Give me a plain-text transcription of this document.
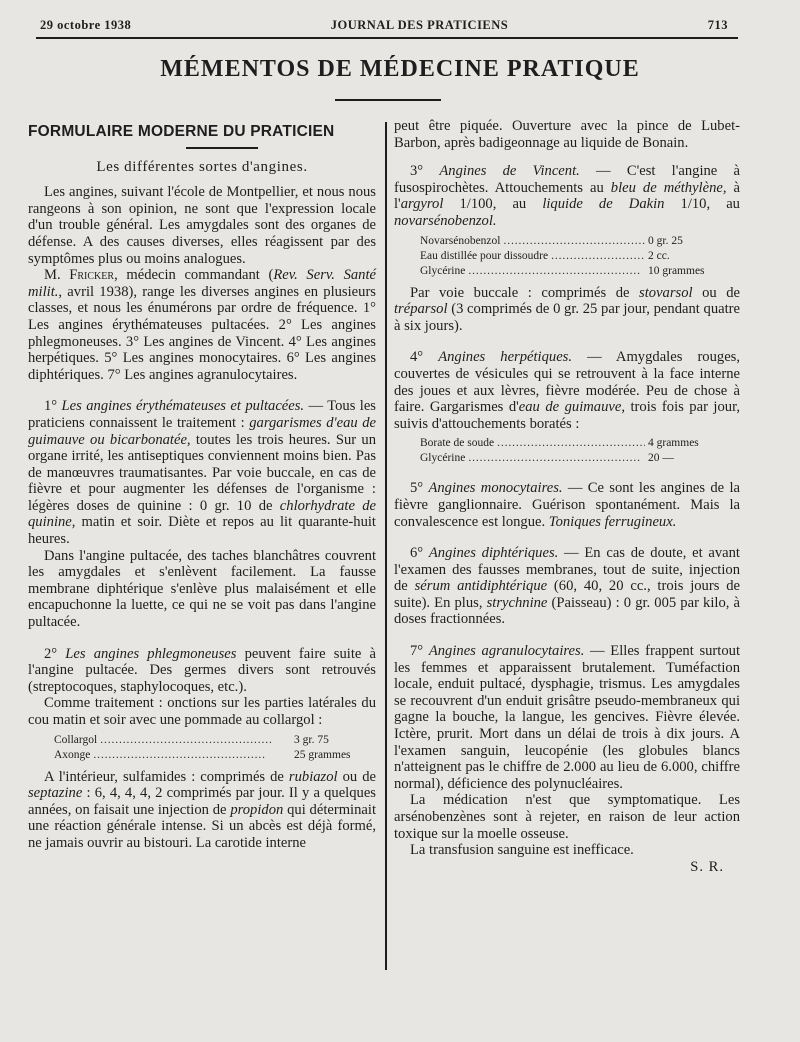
29 octobre 1938	JOURNAL DES PRATICIENS	713
MÉMENTOS DE MÉDECINE PRATIQUE
FORMULAIRE MODERNE DU PRATICIEN
Les différentes sortes d'angines.

Les angines, suivant l'école de Montpellier, et nous nous rangeons à son opinion, ne sont que l'expression locale d'un trouble général. Les amygdales sont des organes de défense. A des causes diverses, elles réagissent par des symptômes plus ou moins analogues.

M. Fricker, médecin commandant (Rev. Serv. Santé milit., avril 1938), range les diverses angines en plusieurs classes, et nous les énumérons par ordre de fréquence. 1° Les angines érythémateuses pultacées. 2° Les angines phlegmoneuses. 3° Les angines de Vincent. 4° Les angines herpétiques. 5° Les angines monocytaires. 6° Les angines diphtériques. 7° Les angines agranulocytaires.

1° Les angines érythémateuses et pultacées. — Tous les praticiens connaissent le traitement : gargarismes d'eau de guimauve ou bicarbonatée, toutes les trois heures. Sur un organe irrité, les antiseptiques conviennent moins bien. Pas de manœuvres traumatisantes. Par voie buccale, en cas de fièvre et pour augmenter les défenses de l'organisme : légères doses de quinine : 0 gr. 10 de chlorhydrate de quinine, matin et soir. Diète et repos au lit quarante-huit heures.

Dans l'angine pultacée, des taches blanchâtres couvrent les amygdales et s'enlèvent facilement. La fausse membrane diphtérique s'enlève plus malaisément et elle encapuchonne la luette, ce qui ne se voit pas dans l'angine pultacée.

2° Les angines phlegmoneuses peuvent faire suite à l'angine pultacée. Des germes divers sont retrouvés (streptocoques, staphylocoques, etc.).

Comme traitement : onctions sur les parties latérales du cou matin et soir avec une pommade au collargol :

Collargol . . .	3 gr. 75
Axonge . . .	25 grammes

A l'intérieur, sulfamides : comprimés de rubiazol ou de septazine : 6, 4, 4, 4, 2 comprimés par jour. Il y a quelques années, on faisait une injection de propidon qui déterminait une réaction générale intense. Si un abcès est déjà formé, ne jamais ouvrir au bistouri. La carotide interne

peut être piquée. Ouverture avec la pince de Lubet-Barbon, après badigeonnage au liquide de Bonain.

3° Angines de Vincent. — C'est l'angine à fusospirochètes. Attouchements au bleu de méthylène, à l'argyrol 1/100, au liquide de Dakin 1/10, au novarsénobenzol.

Novarsénobenzol . . .	0 gr. 25
Eau distillée pour dissoudre . . .	2 cc.
Glycérine . . .	10 grammes

Par voie buccale : comprimés de stovarsol ou de tréparsol (3 comprimés de 0 gr. 25 par jour, pendant quatre à six jours).

4° Angines herpétiques. — Amygdales rouges, couvertes de vésicules qui se retrouvent à la face interne des joues et aux lèvres, fièvre modérée. Peu de chose à faire. Gargarismes d'eau de guimauve, trois fois par jour, suivis d'attouchements boratés :

Borate de soude . . .	4 grammes
Glycérine . . .	20 —

5° Angines monocytaires. — Ce sont les angines de la fièvre ganglionnaire. Guérison spontanément. Mais la convalescence est longue. Toniques ferrugineux.

6° Angines diphtériques. — En cas de doute, et avant l'examen des fausses membranes, tout de suite, injection de sérum antidiphtérique (60, 40, 20 cc., trois jours de suite). En plus, strychnine (Paisseau) : 0 gr. 005 par kilo, à doses fractionnées.

7° Angines agranulocytaires. — Elles frappent surtout les femmes et apparaissent brutalement. Tuméfaction locale, enduit pultacé, dysphagie, trismus. Les amygdales se recouvrent d'un enduit grisâtre pseudo-membraneux qui gagne la bouche, la langue, les gencives. Fièvre élevée. Ictère, prurit. Mort dans un délai de trois à dix jours. A l'examen sanguin, leucopénie (les globules blancs n'atteignent pas le chiffre de 2.000 au lieu de 6.000, chiffre normal), déficience des polynucléaires.

La médication n'est que symptomatique. Les arsénobenzènes sont à rejeter, en raison de leur action toxique sur la moelle osseuse.

La transfusion sanguine est inefficace.

S. R.
